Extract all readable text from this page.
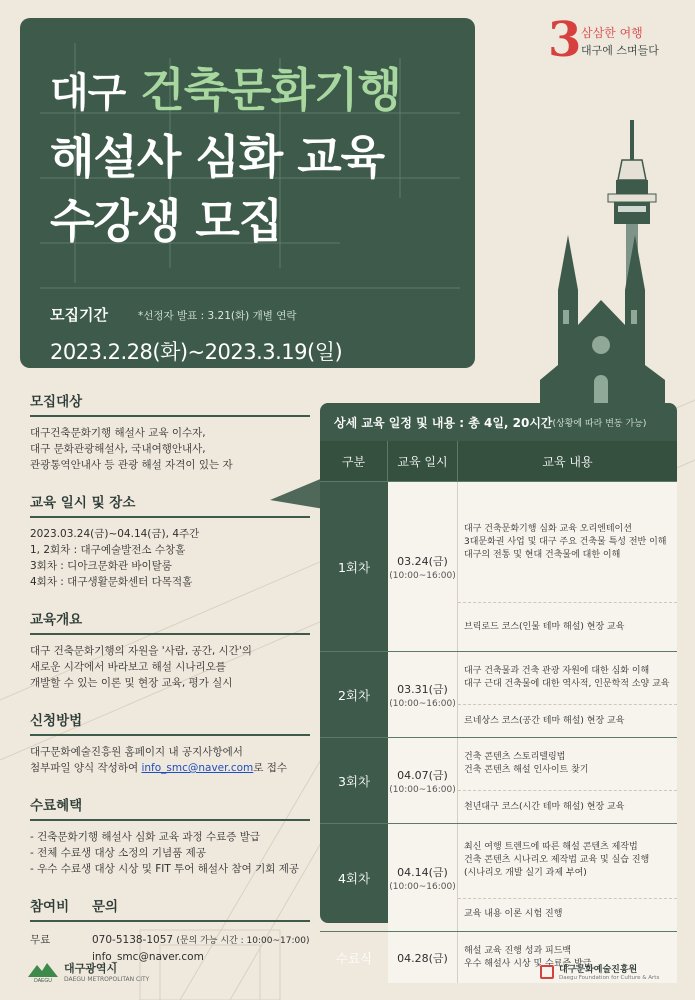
대구 건축문화기행
해설사 심화 교육
수강생 모집
모집기간	*선정자 발표 : 3.21(화) 개별 연락
2023.2.28(화)~2023.3.19(일)
3 삼삼한 여행
대구에 스며들다
모집대상
대구건축문화기행 해설사 교육 이수자,
대구 문화관광해설사, 국내여행안내사,
관광통역안내사 등 관광 해설 자격이 있는 자
교육 일시 및 장소
2023.03.24(금)~04.14(금), 4주간
1, 2회차 : 대구예술발전소 수창홀
3회차 : 디아크문화관 바이탈룸
4회차 : 대구생활문화센터 다목적홀
교육개요
대구 건축문화기행의 자원을 '사람, 공간, 시간'의
새로운 시각에서 바라보고 해설 시나리오를
개발할 수 있는 이론 및 현장 교육, 평가 실시
신청방법
대구문화예술진흥원 홈페이지 내 공지사항에서
첨부파일 양식 작성하여 info_smc@naver.com로 접수
수료혜택
- 건축문화기행 해설사 심화 교육 과정 수료증 발급
- 전체 수료생 대상 소정의 기념품 제공
- 우수 수료생 대상 시상 및 FIT 투어 해설사 참여 기회 제공
참여비	문의
무료	070-5138-1057 (문의 가능 시간 : 10:00~17:00)
info_smc@naver.com
상세 교육 일정 및 내용 : 총 4일, 20시간 (상황에 따라 변동 가능)
구분	교육 일시	교육 내용
1회차	03.24(금)
(10:00~16:00)
대구 건축문화기행 심화 교육 오리엔테이션
3대문화권 사업 및 대구 주요 건축물 특성 전반 이해
대구의 전통 및 현대 건축물에 대한 이해
브릭로드 코스(인물 테마 해설) 현장 교육
2회차	03.31(금)
(10:00~16:00)
대구 건축물과 건축 관광 자원에 대한 심화 이해
대구 근대 건축물에 대한 역사적, 인문학적 소양 교육
르네상스 코스(공간 테마 해설) 현장 교육
3회차	04.07(금)
(10:00~16:00)
건축 콘텐츠 스토리텔링법
건축 콘텐츠 해설 인사이트 찾기
천년대구 코스(시간 테마 해설) 현장 교육
4회차	04.14(금)
(10:00~16:00)
최신 여행 트렌드에 따른 해설 콘텐츠 제작법
건축 콘텐츠 시나리오 제작법 교육 및 실습 진행
(시나리오 개발 실기 과제 부여)
교육 내용 이론 시험 진행
수료식	04.28(금)
해설 교육 진행 성과 피드백
우수 해설사 시상 및 수료증 발급
DAEGU
대구광역시
DAEGU METROPOLITAN CITY
대구문화예술진흥원
Daegu Foundation for Culture & Arts
